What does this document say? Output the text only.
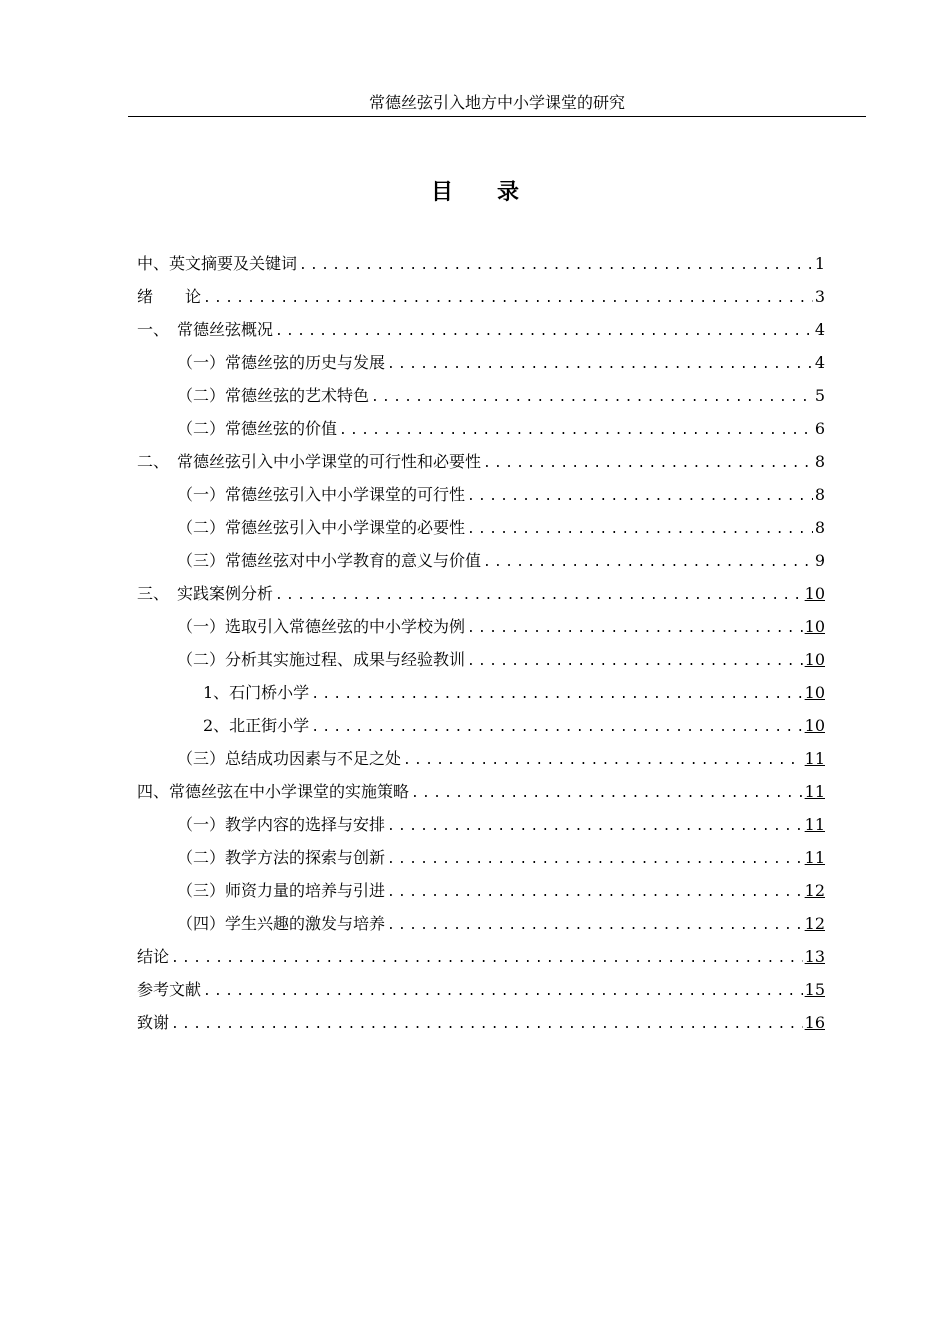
常德丝弦引入地方中小学课堂的研究
目　　录
中、英文摘要及关键词 .....	1
绪　　论 .....	3
一、　常德丝弦概况 .....	4
（一）常德丝弦的历史与发展 .....	4
（二）常德丝弦的艺术特色 .....	5
（二）常德丝弦的价值 .....	6
二、　常德丝弦引入中小学课堂的可行性和必要性 .....	8
（一）常德丝弦引入中小学课堂的可行性 .....	8
（二）常德丝弦引入中小学课堂的必要性 .....	8
（三）常德丝弦对中小学教育的意义与价值 .....	9
三、　实践案例分析 .....	10
（一）选取引入常德丝弦的中小学校为例 .....	10
（二）分析其实施过程、成果与经验教训 .....	10
1、石门桥小学 .....	10
2、北正街小学 .....	10
（三）总结成功因素与不足之处 .....	11
四、常德丝弦在中小学课堂的实施策略 .....	11
（一）教学内容的选择与安排 .....	11
（二）教学方法的探索与创新 .....	11
（三）师资力量的培养与引进 .....	12
（四）学生兴趣的激发与培养 .....	12
结论 .....	13
参考文献 .....	15
致谢 .....	16
